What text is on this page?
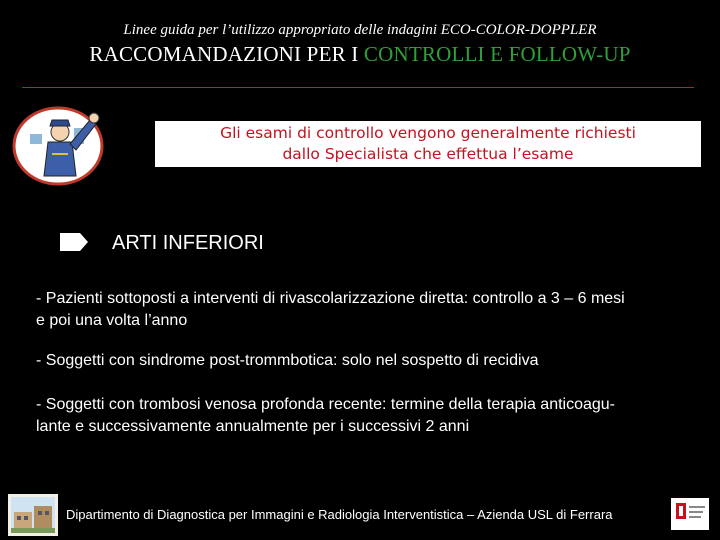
Linee guida per l’utilizzo appropriato delle indagini ECO-COLOR-DOPPLER
RACCOMANDAZIONI PER I CONTROLLI E FOLLOW-UP
Gli esami di controllo vengono generalmente richiesti
dallo Specialista che effettua l’esame
ARTI INFERIORI
- Pazienti sottoposti a interventi di rivascolarizzazione diretta: controllo a 3 – 6 mesi
e poi una volta l’anno
- Soggetti con sindrome post-trommbotica: solo nel sospetto di recidiva
- Soggetti con trombosi venosa profonda recente: termine della terapia anticoagu-
lante e successivamente annualmente per i successivi 2 anni
Dipartimento di Diagnostica per Immagini e Radiologia Interventistica – Azienda USL di Ferrara
